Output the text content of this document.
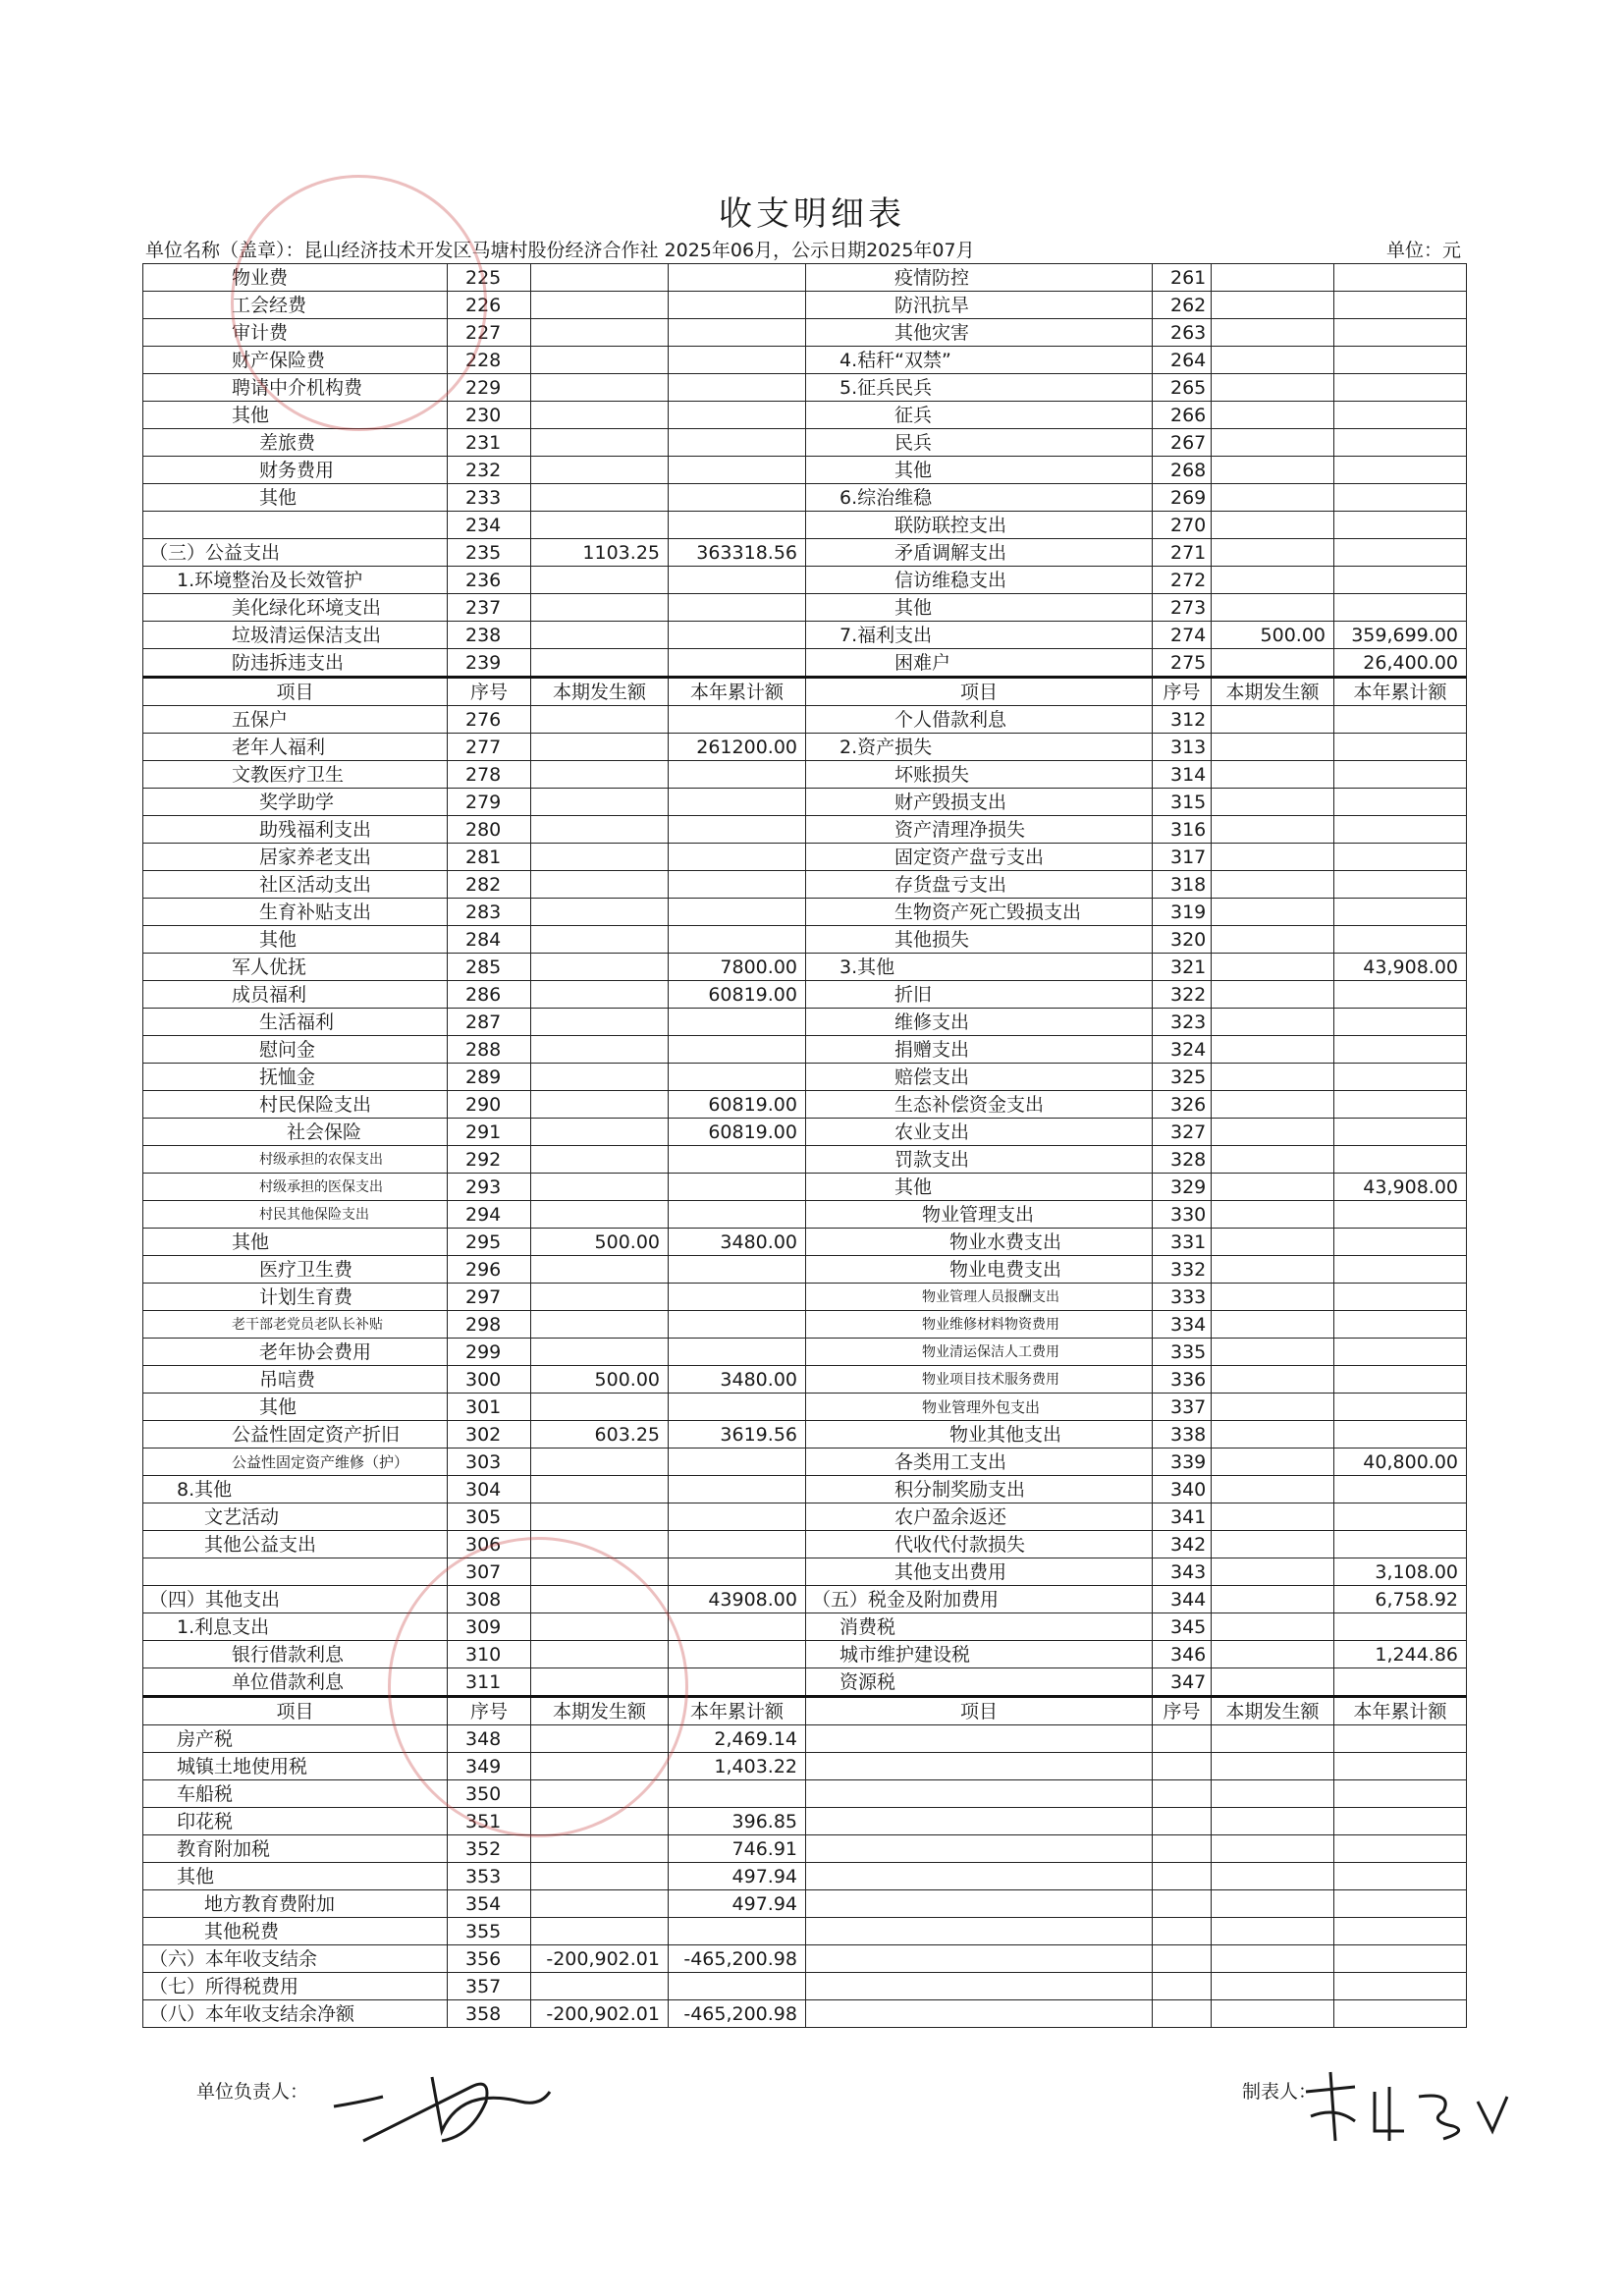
收支明细表
单位名称（盖章）：昆山经济技术开发区马塘村股份经济合作社 2025年06月，公示日期2025年07月	单位：元
物业费	225			疫情防控	261		
工会经费	226			防汛抗旱	262		
审计费	227			其他灾害	263		
财产保险费	228			4.秸秆“双禁”	264		
聘请中介机构费	229			5.征兵民兵	265		
其他	230			征兵	266		
差旅费	231			民兵	267		
财务费用	232			其他	268		
其他	233			6.综治维稳	269		
	234			联防联控支出	270		
（三）公益支出	235	1103.25	363318.56	矛盾调解支出	271		
1.环境整治及长效管护	236			信访维稳支出	272		
美化绿化环境支出	237			其他	273		
垃圾清运保洁支出	238			7.福利支出	274	500.00	359,699.00
防违拆违支出	239			困难户	275		26,400.00
项目	序号	本期发生额	本年累计额	项目	序号	本期发生额	本年累计额
五保户	276			个人借款利息	312		
老年人福利	277		261200.00	2.资产损失	313		
文教医疗卫生	278			坏账损失	314		
奖学助学	279			财产毁损支出	315		
助残福利支出	280			资产清理净损失	316		
居家养老支出	281			固定资产盘亏支出	317		
社区活动支出	282			存货盘亏支出	318		
生育补贴支出	283			生物资产死亡毁损支出	319		
其他	284			其他损失	320		
军人优抚	285		7800.00	3.其他	321		43,908.00
成员福利	286		60819.00	折旧	322		
生活福利	287			维修支出	323		
慰问金	288			捐赠支出	324		
抚恤金	289			赔偿支出	325		
村民保险支出	290		60819.00	生态补偿资金支出	326		
社会保险	291		60819.00	农业支出	327		
村级承担的农保支出	292			罚款支出	328		
村级承担的医保支出	293			其他	329		43,908.00
村民其他保险支出	294			物业管理支出	330		
其他	295	500.00	3480.00	物业水费支出	331		
医疗卫生费	296			物业电费支出	332		
计划生育费	297			物业管理人员报酬支出	333		
老干部老党员老队长补贴	298			物业维修材料物资费用	334		
老年协会费用	299			物业清运保洁人工费用	335		
吊唁费	300	500.00	3480.00	物业项目技术服务费用	336		
其他	301			物业管理外包支出	337		
公益性固定资产折旧	302	603.25	3619.56	物业其他支出	338		
公益性固定资产维修（护）	303			各类用工支出	339		40,800.00
8.其他	304			积分制奖励支出	340		
文艺活动	305			农户盈余返还	341		
其他公益支出	306			代收代付款损失	342		
	307			其他支出费用	343		3,108.00
（四）其他支出	308		43908.00	（五）税金及附加费用	344		6,758.92
1.利息支出	309			消费税	345		
银行借款利息	310			城市维护建设税	346		1,244.86
单位借款利息	311			资源税	347		
项目	序号	本期发生额	本年累计额	项目	序号	本期发生额	本年累计额
房产税	348		2,469.14				
城镇土地使用税	349		1,403.22				
车船税	350						
印花税	351		396.85				
教育附加税	352		746.91				
其他	353		497.94				
地方教育费附加	354		497.94				
其他税费	355						
（六）本年收支结余	356	-200,902.01	-465,200.98				
（七）所得税费用	357						
（八）本年收支结余净额	358	-200,902.01	-465,200.98				
单位负责人：	制表人：
